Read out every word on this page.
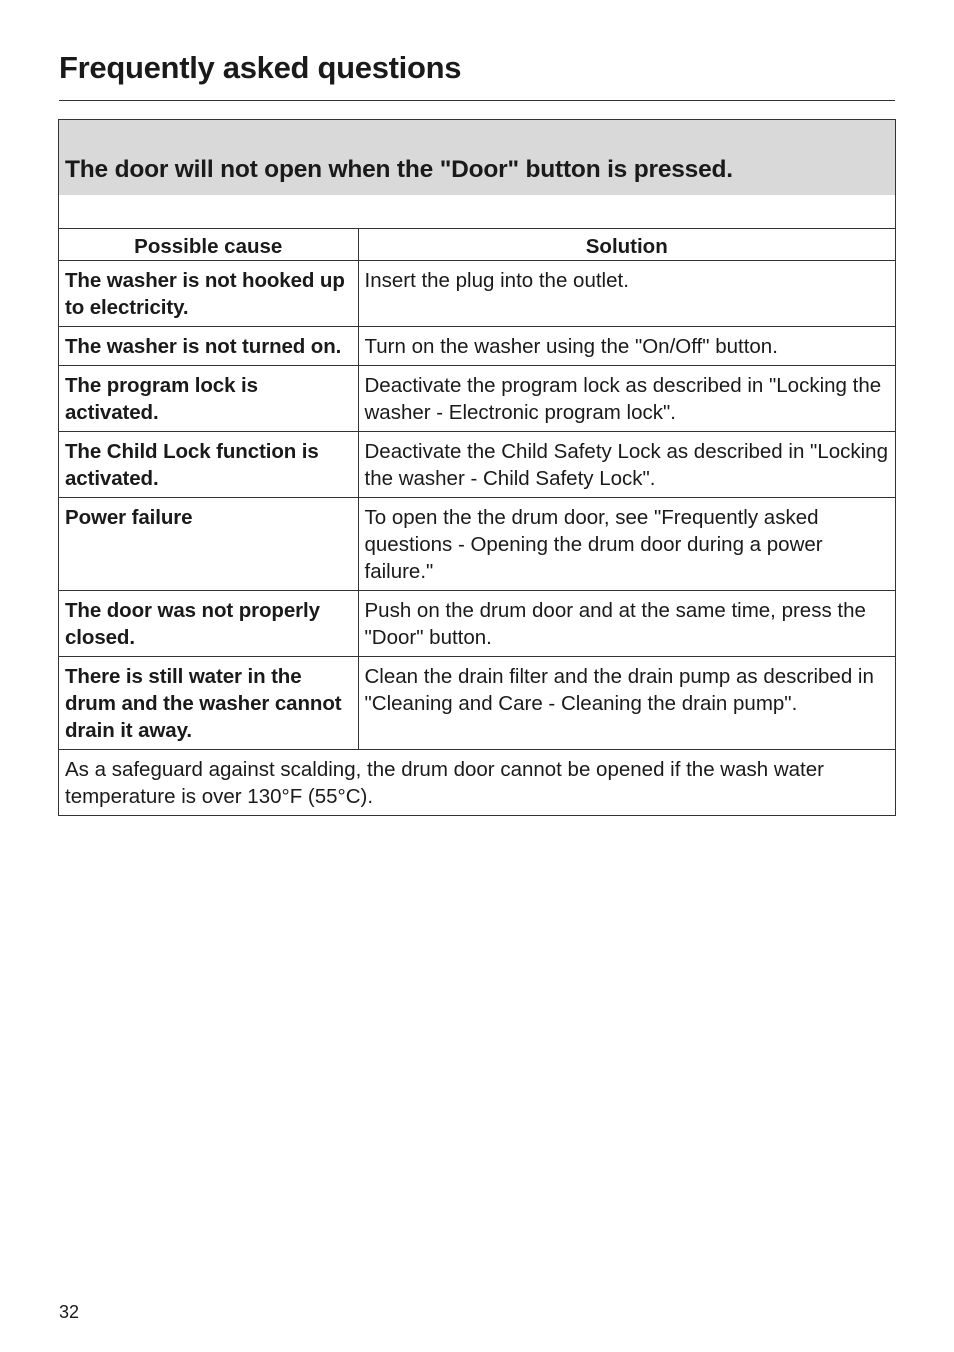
Frequently asked questions
The door will not open when the "Door" button is pressed.
Possible cause	Solution
The washer is not hooked up to electricity.	Insert the plug into the outlet.
The washer is not turned on.	Turn on the washer using the "On/Off" button.
The program lock is activated.	Deactivate the program lock as described in "Locking the washer - Electronic program lock".
The Child Lock function is activated.	Deactivate the Child Safety Lock as described in "Locking the washer - Child Safety Lock".
Power failure	To open the the drum door, see "Frequently asked questions - Opening the drum door during a power failure."
The door was not properly closed.	Push on the drum door and at the same time, press the "Door" button.
There is still water in the drum and the washer cannot drain it away.	Clean the drain filter and the drain pump as described in "Cleaning and Care - Cleaning the drain pump".
As a safeguard against scalding, the drum door cannot be opened if the wash water temperature is over 130°F (55°C).	
32
